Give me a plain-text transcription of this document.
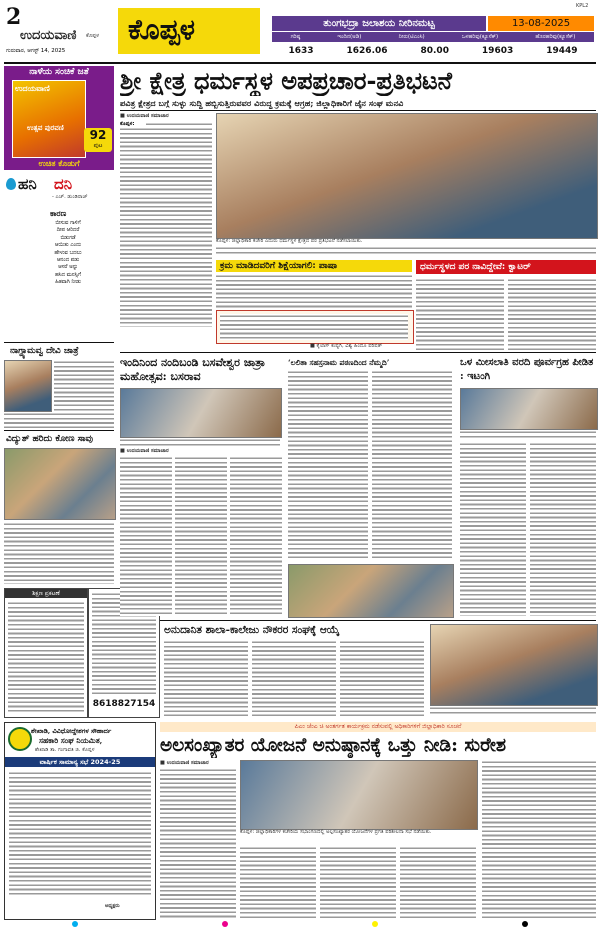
2
ಉದಯವಾಣಿ ಕೊಪ್ಪಳ
ಗುರುವಾರ, ಆಗಸ್ಟ್ 14, 2025
ಕೊಪ್ಪಳ
KPL2
ತುಂಗಭದ್ರಾ ಜಲಾಶಯ ನೀರಿನಮಟ್ಟ	13-08-2025
ಗರಿಷ್ಠ	ಇಂದಿನ(ಅಡಿ)	ನೀರು(ಟಿಎಂಸಿ)	ಒಳಹರಿವು(ಕ್ಯೂಸೆಕ್)	ಹೊರಹರಿವು(ಕ್ಯೂಸೆಕ್)
1633	1626.06	80.00	19603	19449
ನಾಳೆಯ ಸಂಚಿಕೆ ಜತೆ
ಉದಯವಾಣಿ
ಉತ್ಸವ ಪುರವಣಿ
92
ಪುಟ
ಉಚಿತ ಕೊಡುಗೆ
ಹನಿ ದನಿ
- ಎಚ್. ಡುಂಡಿರಾಜ್
ಕಾರಣ
ಬೀಸುವ ಗಾಳಿಗೆ
ದೀಪ ಆರಿದರೆ
ಬಿಡುಗಡೆ
ಆಯಿತು ಎಂದು
ಹೇಳುವ ಬದಲು
ಆನಂದ ಪಡು
ಆಸರೆ ಅನ್ನು
ಹಸಿದ ಮನಸ್ಸಿಗೆ
ಹಿತವಾಗಿ ನೀಡು
ನಾಗ್ದ್ಯಾಮವ್ವ ದೇವಿ ಜಾತ್ರೆ
ವಿದ್ಯುತ್ ಹರಿದು ಕೋಣ ಸಾವು
ಶಿಕ್ಷಣ ಪ್ರಕಟಣೆ
8618827154
ಶ್ರೀ ಕ್ಷೇತ್ರ ಧರ್ಮಸ್ಥಳ ಅಪಪ್ರಚಾರ-ಪ್ರತಿಭಟನೆ
ಪವಿತ್ರ ಕ್ಷೇತ್ರದ ಬಗ್ಗೆ ಸುಳ್ಳು ಸುದ್ದಿ ಹಬ್ಬಿಸುತ್ತಿರುವವರ ವಿರುದ್ಧ ಕ್ರಮಕ್ಕೆ ಆಗ್ರಹ; ಜಿಲ್ಲಾಧಿಕಾರಿಗೆ ಜೈನ ಸಂಘ ಮನವಿ
■ ಉದಯವಾಣಿ ಸಮಾಚಾರ
ಕೊಪ್ಪಳ:
ಕೊಪ್ಪಳ: ಜಿಲ್ಲಾಧಿಕಾರಿ ಕಚೇರಿ ಎದುರು ಧರ್ಮಸ್ಥಳ ಕ್ಷೇತ್ರದ ಪರ ಪ್ರತಿಭಟನೆ ನಡೆಸಲಾಯಿತು.
ಕ್ರಮ ಮಾಡಿದವರಿಗೆ ಶಿಕ್ಷೆಯಾಗಲಿ: ಪಾಷಾ
■ ಕೈಲಾಸ್ ಕುಷ್ಟಗಿ, ವಿಶ್ವ ಹಿಂದೂ ಪರಿಷತ್
ಧರ್ಮಸ್ಥಳದ ಪರ ನಾವಿದ್ದೇವೆ: ಕ್ವಾಟರ್
ಇಂದಿನಿಂದ ನಂದಿಬಂಡಿ ಬಸವೇಶ್ವರ ಜಾತ್ರಾ ಮಹೋತ್ಸವ: ಬಸರಾವ
■ ಉದಯವಾಣಿ ಸಮಾಚಾರ
‘ಲಲಿತಾ ಸಹಸ್ರನಾಮ ಪಠಣದಿಂದ ನೆಮ್ಮದಿ’	ಒಳ ಮೀಸಲಾತಿ ವರದಿ ಪೂರ್ವಗ್ರಹ ಪೀಡಿತ : ಇಟಂಗಿ
ಅನುದಾನಿತ ಶಾಲಾ-ಕಾಲೇಜು ನೌಕರರ ಸಂಘಕ್ಕೆ ಆಯ್ಕೆ
ಶೇಖಾಡಿ, ವಿವಿಧೋದ್ದೇಶಗಳ ಸೌಹಾರ್ದ
ಸಹಕಾರಿ ಸಂಘ ನಿಯಮಿತ,
ಶೇಖಾಡಿ ತಾ. ಗಂಗಾವತಿ ಜಿ. ಕೊಪ್ಪಳ
ವಾರ್ಷಿಕ ಸಾಮಾನ್ಯ ಸಭೆ 2024-25
ಅಧ್ಯಕ್ಷರು
ಪಿಎಂ ಜೆಂಎ ಚಿ ಅಂತರ್ಗತ ಕಾರ್ಯಕ್ರಮ ನಡೆಸುವಲ್ಲಿ ಅಧಿಕಾರಿಗಳಿಗೆ ಜಿಲ್ಲಾಧಿಕಾರಿ ಸೂಚನೆ
ಅಲಸಂಖ್ಯಾತರ ಯೋಜನೆ ಅನುಷ್ಠಾನಕ್ಕೆ ಒತ್ತು ನೀಡಿ: ಸುರೇಶ
■ ಉದಯವಾಣಿ ಸಮಾಚಾರ
ಕೊಪ್ಪಳ: ಜಿಲ್ಲಾಧಿಕಾರಿಗಳ ಕಚೇರಿಯ ಸಭಾಂಗಣದಲ್ಲಿ ಅಲ್ಪಸಂಖ್ಯಾತರ ಯೋಜನೆಗಳ ಪ್ರಗತಿ ಪರಿಶೀಲನಾ ಸಭೆ ನಡೆಯಿತು.
